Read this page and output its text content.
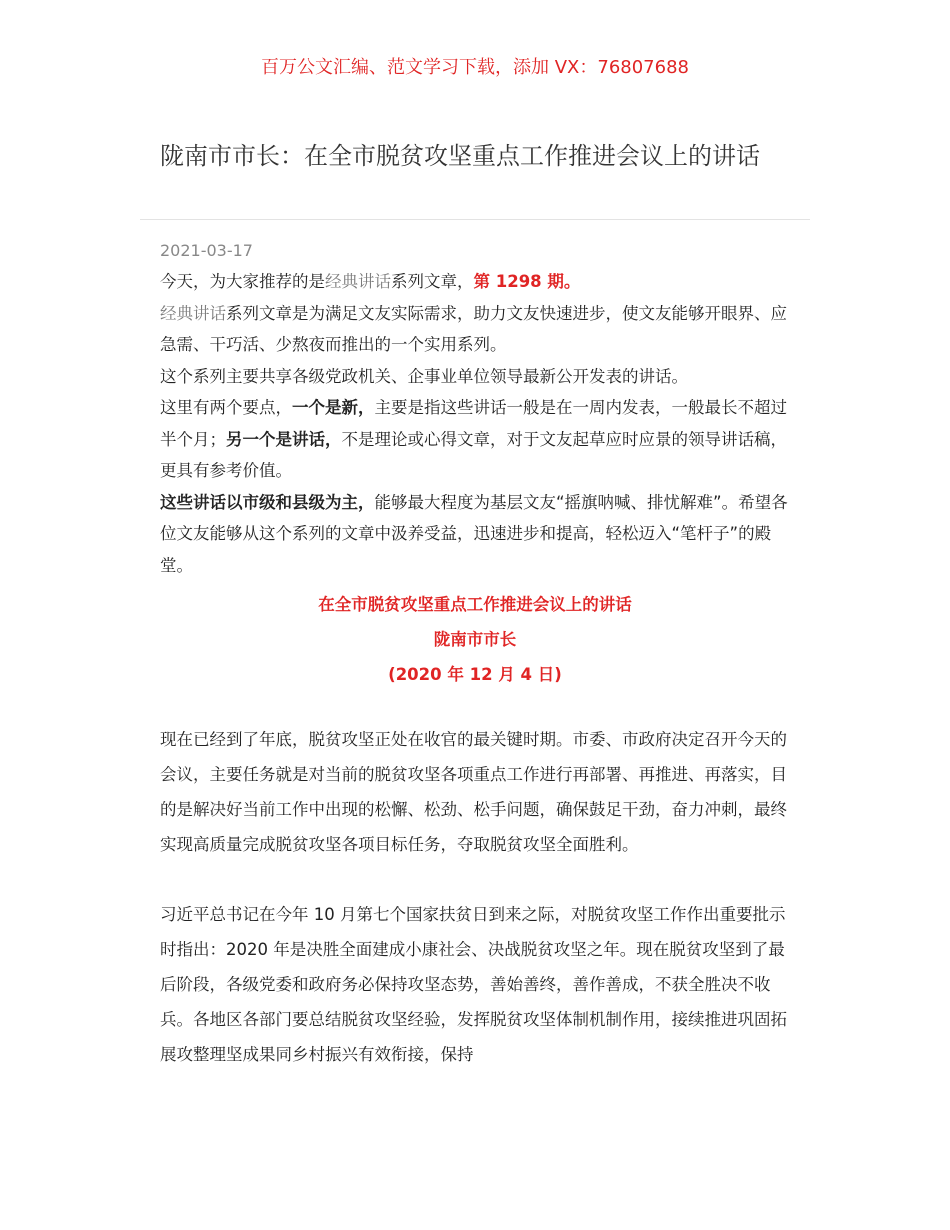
百万公文汇编、范文学习下载，添加 VX：76807688
陇南市市长：在全市脱贫攻坚重点工作推进会议上的讲话
2021-03-17

今天，为大家推荐的是经典讲话系列文章，第 1298 期。

经典讲话系列文章是为满足文友实际需求，助力文友快速进步，使文友能够开眼界、应急需、干巧活、少熬夜而推出的一个实用系列。

这个系列主要共享各级党政机关、企事业单位领导最新公开发表的讲话。

这里有两个要点，一个是新，主要是指这些讲话一般是在一周内发表，一般最长不超过半个月；另一个是讲话，不是理论或心得文章，对于文友起草应时应景的领导讲话稿，更具有参考价值。

这些讲话以市级和县级为主，能够最大程度为基层文友“摇旗呐喊、排忧解难”。希望各位文友能够从这个系列的文章中汲养受益，迅速进步和提高，轻松迈入“笔杆子”的殿堂。

在全市脱贫攻坚重点工作推进会议上的讲话
陇南市市长
(2020 年 12 月 4 日)

现在已经到了年底，脱贫攻坚正处在收官的最关键时期。市委、市政府决定召开今天的会议，主要任务就是对当前的脱贫攻坚各项重点工作进行再部署、再推进、再落实，目的是解决好当前工作中出现的松懈、松劲、松手问题，确保鼓足干劲，奋力冲刺，最终实现高质量完成脱贫攻坚各项目标任务，夺取脱贫攻坚全面胜利。

习近平总书记在今年 10 月第七个国家扶贫日到来之际，对脱贫攻坚工作作出重要批示时指出：2020 年是决胜全面建成小康社会、决战脱贫攻坚之年。现在脱贫攻坚到了最后阶段，各级党委和政府务必保持攻坚态势，善始善终，善作善成，不获全胜决不收兵。各地区各部门要总结脱贫攻坚经验，发挥脱贫攻坚体制机制作用，接续推进巩固拓展攻整理坚成果同乡村振兴有效衔接，保持
